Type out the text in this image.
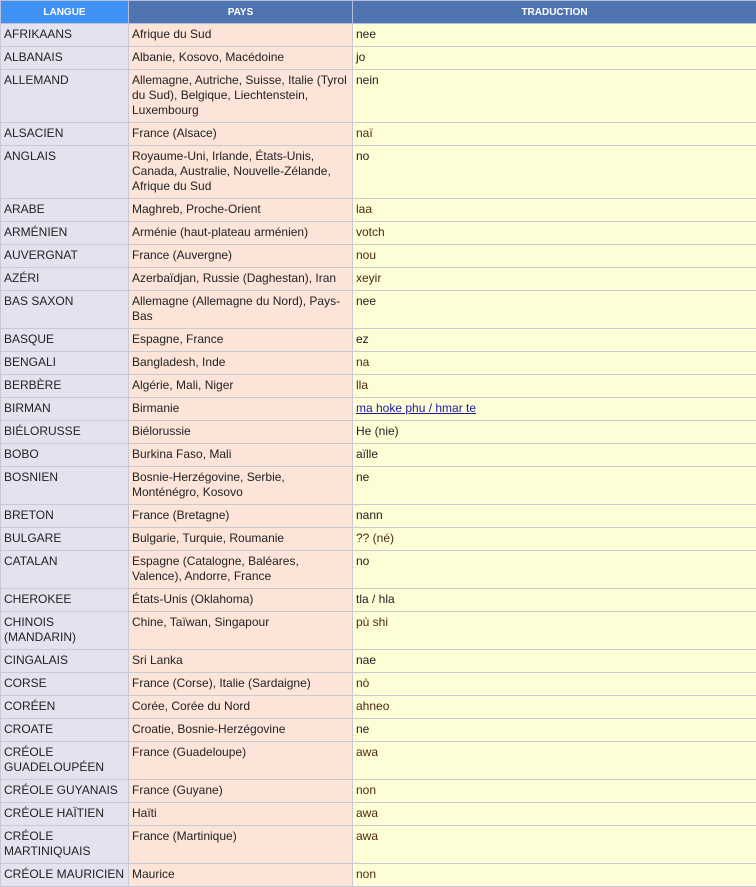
LANGUE	PAYS	TRADUCTION
AFRIKAANS	Afrique du Sud	nee
ALBANAIS	Albanie, Kosovo, Macédoine	jo
ALLEMAND	Allemagne, Autriche, Suisse, Italie (Tyrol du Sud), Belgique, Liechtenstein, Luxembourg	nein
ALSACIEN	France (Alsace)	naï
ANGLAIS	Royaume-Uni, Irlande, États-Unis, Canada, Australie, Nouvelle-Zélande, Afrique du Sud	no
ARABE	Maghreb, Proche-Orient	laa
ARMÉNIEN	Arménie (haut-plateau arménien)	votch
AUVERGNAT	France (Auvergne)	nou
AZÉRI	Azerbaïdjan, Russie (Daghestan), Iran	xeyir
BAS SAXON	Allemagne (Allemagne du Nord), Pays-Bas	nee
BASQUE	Espagne, France	ez
BENGALI	Bangladesh, Inde	na
BERBÈRE	Algérie, Mali, Niger	lla
BIRMAN	Birmanie	ma hoke phu / hmar te
BIÉLORUSSE	Biélorussie	He (nie)
BOBO	Burkina Faso, Mali	aïlle
BOSNIEN	Bosnie-Herzégovine, Serbie, Monténégro, Kosovo	ne
BRETON	France (Bretagne)	nann
BULGARE	Bulgarie, Turquie, Roumanie	?? (né)
CATALAN	Espagne (Catalogne, Baléares, Valence), Andorre, France	no
CHEROKEE	États-Unis (Oklahoma)	tla / hla
CHINOIS (MANDARIN)	Chine, Taïwan, Singapour	pù shi
CINGALAIS	Sri Lanka	nae
CORSE	France (Corse), Italie (Sardaigne)	nò
CORÉEN	Corée, Corée du Nord	ahneo
CROATE	Croatie, Bosnie-Herzégovine	ne
CRÉOLE GUADELOUPÉEN	France (Guadeloupe)	awa
CRÉOLE GUYANAIS	France (Guyane)	non
CRÉOLE HAÏTIEN	Haïti	awa
CRÉOLE MARTINIQUAIS	France (Martinique)	awa
CRÉOLE MAURICIEN	Maurice	non
